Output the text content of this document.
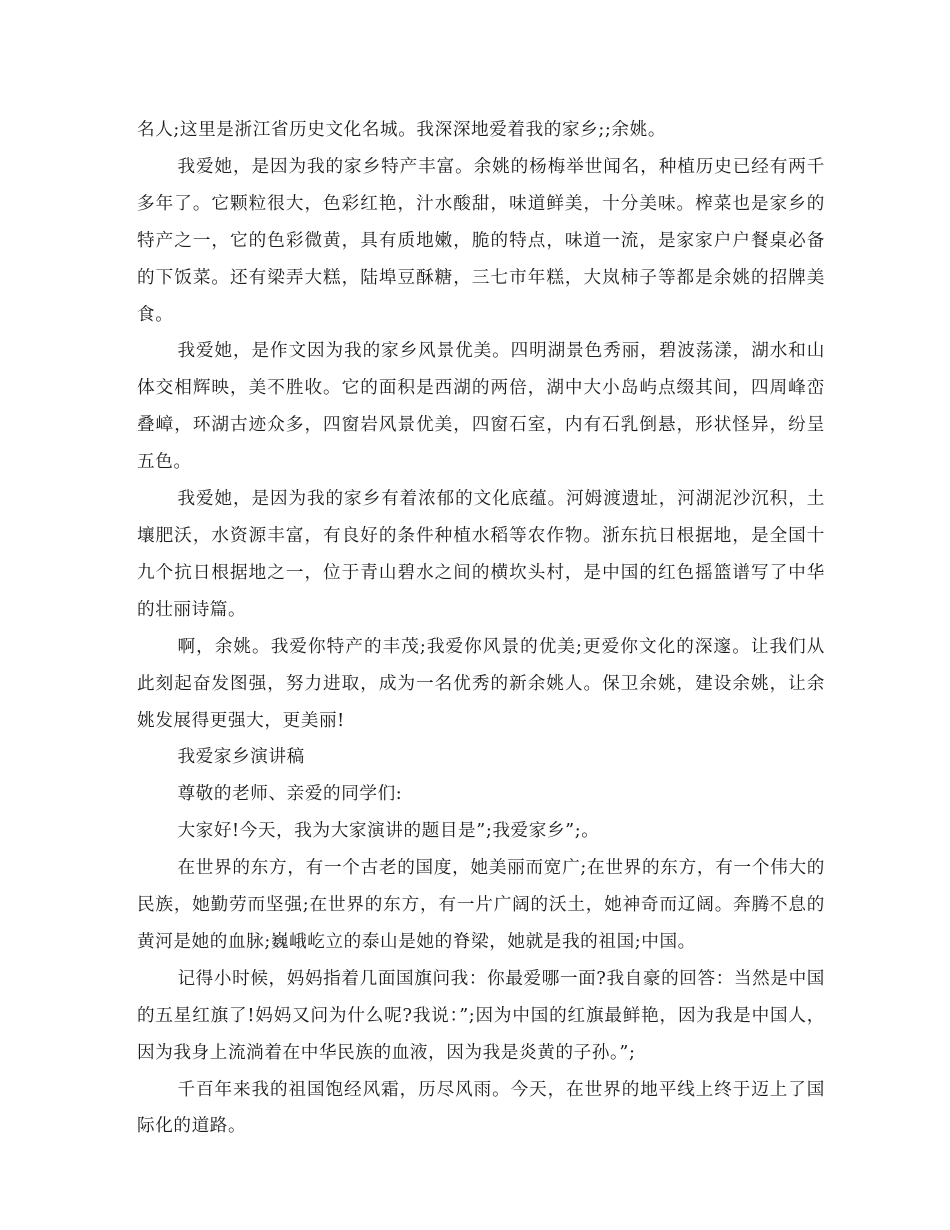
名人;这里是浙江省历史文化名城。我深深地爱着我的家乡;;余姚。

我爱她，是因为我的家乡特产丰富。余姚的杨梅举世闻名，种植历史已经有两千多年了。它颗粒很大，色彩红艳，汁水酸甜，味道鲜美，十分美味。榨菜也是家乡的特产之一，它的色彩微黄，具有质地嫩，脆的特点，味道一流，是家家户户餐桌必备的下饭菜。还有梁弄大糕，陆埠豆酥糖，三七市年糕，大岚柿子等都是余姚的招牌美食。

我爱她，是作文因为我的家乡风景优美。四明湖景色秀丽，碧波荡漾，湖水和山体交相辉映，美不胜收。它的面积是西湖的两倍，湖中大小岛屿点缀其间，四周峰峦叠嶂，环湖古迹众多，四窗岩风景优美，四窗石室，内有石乳倒悬，形状怪异，纷呈五色。

我爱她，是因为我的家乡有着浓郁的文化底蕴。河姆渡遗址，河湖泥沙沉积，土壤肥沃，水资源丰富，有良好的条件种植水稻等农作物。浙东抗日根据地，是全国十九个抗日根据地之一，位于青山碧水之间的横坎头村，是中国的红色摇篮谱写了中华的壮丽诗篇。

啊，余姚。我爱你特产的丰茂;我爱你风景的优美;更爱你文化的深邃。让我们从此刻起奋发图强，努力进取，成为一名优秀的新余姚人。保卫余姚，建设余姚，让余姚发展得更强大，更美丽!

我爱家乡演讲稿

尊敬的老师、亲爱的同学们:

大家好!今天，我为大家演讲的题目是”;我爱家乡”;。

在世界的东方，有一个古老的国度，她美丽而宽广;在世界的东方，有一个伟大的民族，她勤劳而坚强;在世界的东方，有一片广阔的沃土，她神奇而辽阔。奔腾不息的黄河是她的血脉;巍峨屹立的泰山是她的脊梁，她就是我的祖国;中国。

记得小时候，妈妈指着几面国旗问我：你最爱哪一面?我自豪的回答：当然是中国的五星红旗了!妈妈又问为什么呢?我说：”;因为中国的红旗最鲜艳，因为我是中国人，因为我身上流淌着在中华民族的血液，因为我是炎黄的子孙。”;

千百年来我的祖国饱经风霜，历尽风雨。今天，在世界的地平线上终于迈上了国际化的道路。
